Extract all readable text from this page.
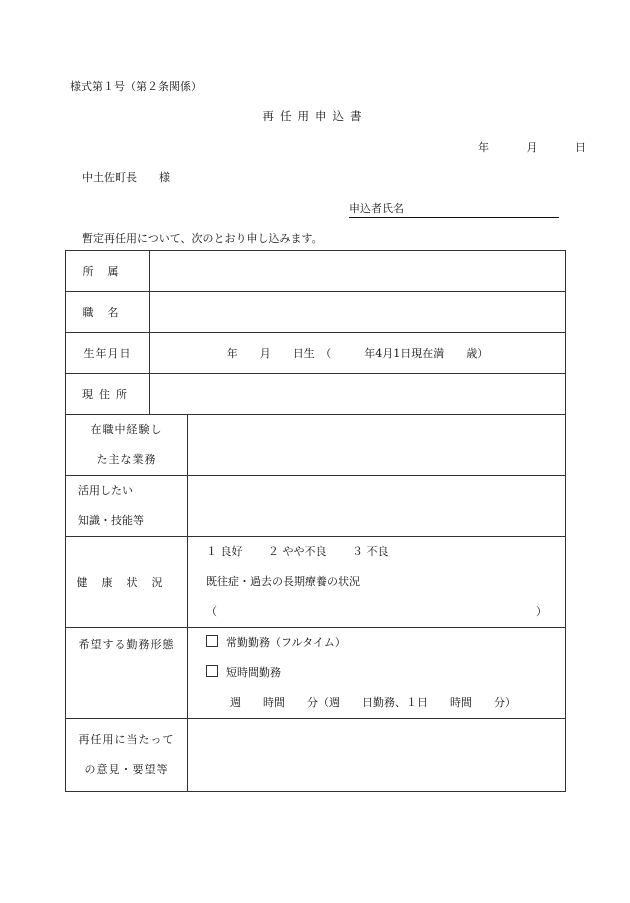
様式第１号（第２条関係）
再任用申込書
年	月	日
中土佐町長　　様
申込者氏名
暫定再任用について、次のとおり申し込みます。
所属		
職名		
生年月日	年　　月　　日生　（　　　年4月1日現在満　　歳）	
現住所		

在職中経験し
た主な業務		

活用したい
知識・技能等		

健康状況		１ 良好　　 ２ やや不良　　 ３ 不良
既往症・過去の長期療養の状況
（　　　　　　　　　　　　　　　　　　　　　　　　　　　　　）

希望する勤務形態		常勤勤務（フルタイム）
短時間勤務
週　　時間　　分（週　　日勤務、１日　　時間　　分）

再任用に当たって
の意見・要望等		
